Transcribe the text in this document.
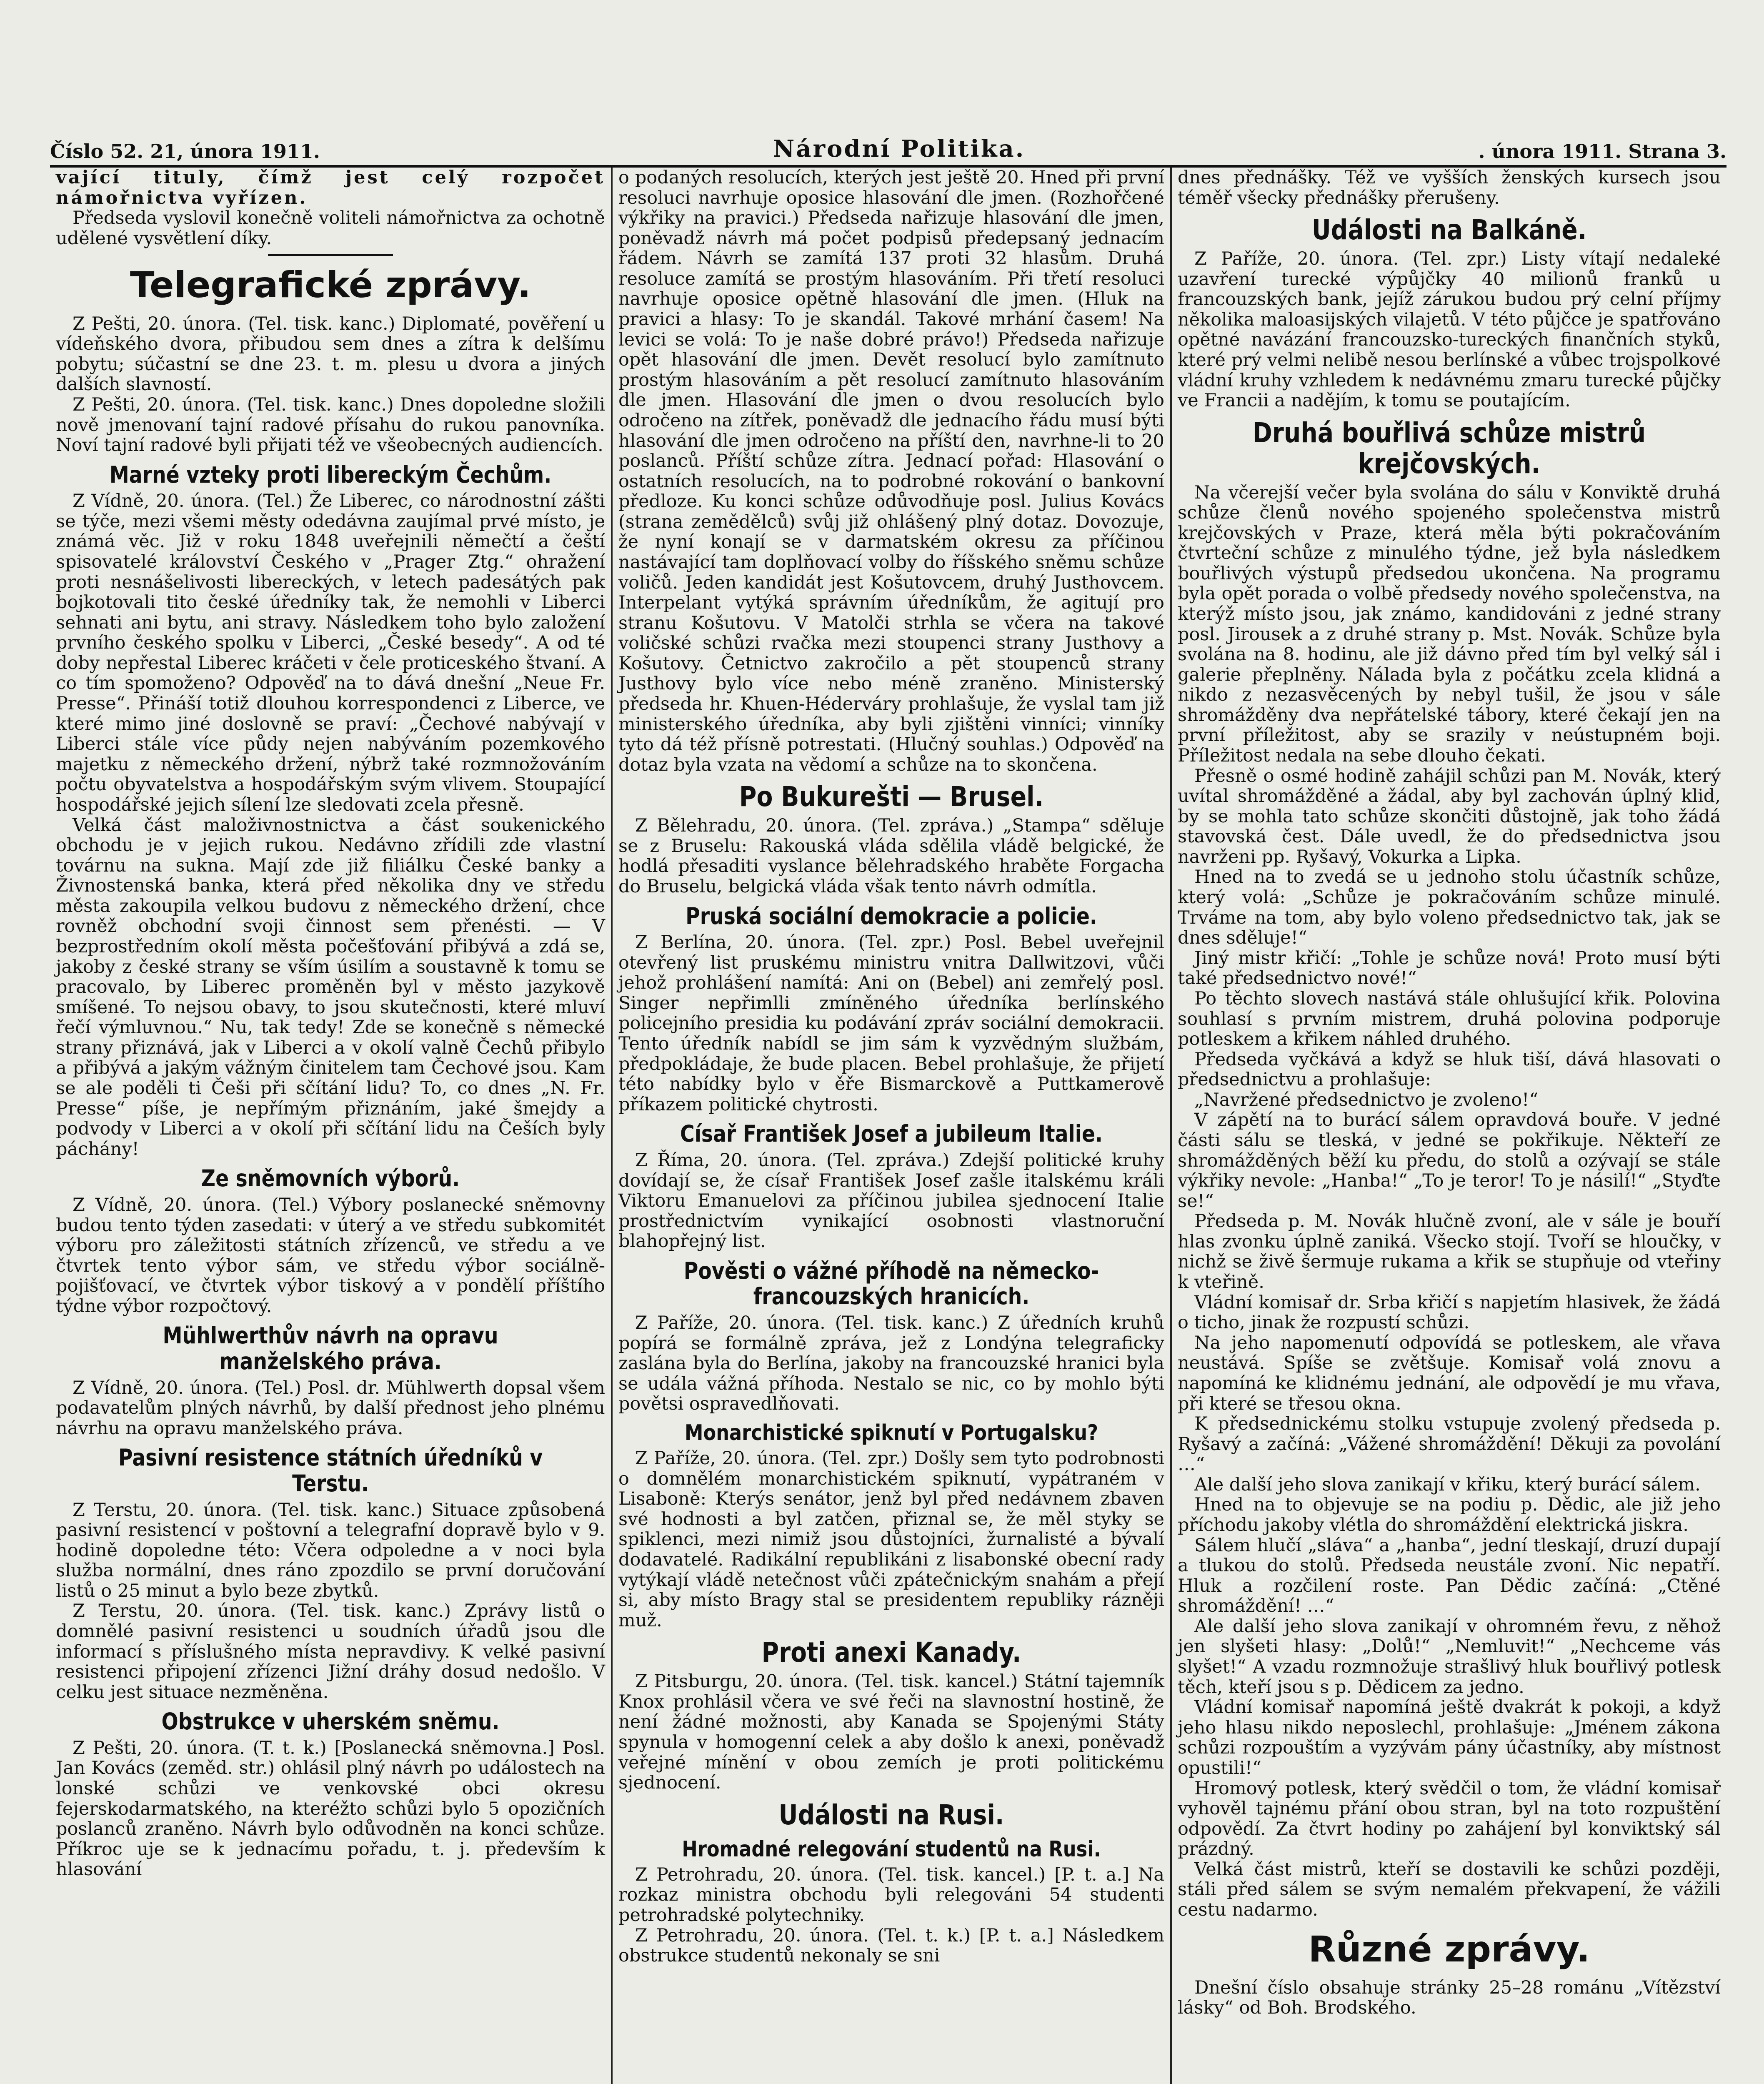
Číslo 52. 21, února 1911.	Národní Politika.	. února 1911. Strana 3.

vající tituly, čímž jest celý rozpočet námořnictva vyřízen.

Předseda vyslovil konečně voliteli námořnictva za ochotně udělené vysvětlení díky.

Telegrafické zprávy.

Z Pešti, 20. února. (Tel. tisk. kanc.) Diplomaté, pověření u vídeňského dvora, přibudou sem dnes a zítra k delšímu pobytu; súčastní se dne 23. t. m. plesu u dvora a jiných dalších slavností.

Z Pešti, 20. února. (Tel. tisk. kanc.) Dnes dopoledne složili nově jmenovaní tajní radové přísahu do rukou panovníka. Noví tajní radové byli přijati též ve všeobecných audiencích.

Marné vzteky proti libereckým Čechům.

Z Vídně, 20. února. (Tel.) Že Liberec, co národnostní zášti se týče, mezi všemi městy odedávna zaujímal prvé místo, je známá věc. Již v roku 1848 uveřejnili němečtí a čeští spisovatelé království Českého v „Prager Ztg.“ ohražení proti nesnášelivosti libereckých, v letech padesátých pak bojkotovali tito české úředníky tak, že nemohli v Liberci sehnati ani bytu, ani stravy. Následkem toho bylo založení prvního českého spolku v Liberci, „České besedy“. A od té doby nepřestal Liberec kráčeti v čele proticeského štvaní. A co tím spomoženo? Odpověď na to dává dnešní „Neue Fr. Presse“. Přináší totiž dlouhou korrespondenci z Liberce, ve které mimo jiné doslovně se praví: „Čechové nabývají v Liberci stále více půdy nejen nabýváním pozemkového majetku z německého držení, nýbrž také rozmnožováním počtu obyvatelstva a hospodářským svým vlivem. Stoupající hospodářské jejich sílení lze sledovati zcela přesně.

Velká část maloživnostnictva a část soukenického obchodu je v jejich rukou. Nedávno zřídili zde vlastní továrnu na sukna. Mají zde již filiálku České banky a Živnostenská banka, která před několika dny ve středu města zakoupila velkou budovu z německého držení, chce rovněž obchodní svoji činnost sem přenésti. — V bezprostředním okolí města počešťování přibývá a zdá se, jakoby z české strany se vším úsilím a soustavně k tomu se pracovalo, by Liberec proměněn byl v město jazykově smíšené. To nejsou obavy, to jsou skutečnosti, které mluví řečí výmluvnou.“ Nu, tak tedy! Zde se konečně s německé strany přiznává, jak v Liberci a v okolí valně Čechů přibylo a přibývá a jakým vážným činitelem tam Čechové jsou. Kam se ale poděli ti Češi při sčítání lidu? To, co dnes „N. Fr. Presse“ píše, je nepřímým přiznáním, jaké šmejdy a podvody v Liberci a v okolí při sčítání lidu na Češích byly páchány!

Ze sněmovních výborů.

Z Vídně, 20. února. (Tel.) Výbory poslanecké sněmovny budou tento týden zasedati: v úterý a ve středu subkomitét výboru pro záležitosti státních zřízenců, ve středu a ve čtvrtek tento výbor sám, ve středu výbor sociálně-pojišťovací, ve čtvrtek výbor tiskový a v pondělí příštího týdne výbor rozpočtový.

Mühlwerthův návrh na opravu manželského práva.

Z Vídně, 20. února. (Tel.) Posl. dr. Mühlwerth dopsal všem podavatelům plných návrhů, by další přednost jeho plnému návrhu na opravu manželského práva.

Pasivní resistence státních úředníků v Terstu.

Z Terstu, 20. února. (Tel. tisk. kanc.) Situace způsobená pasivní resistencí v poštovní a telegrafní dopravě bylo v 9. hodině dopoledne této: Včera odpoledne a v noci byla služba normální, dnes ráno zpozdilo se první doručování listů o 25 minut a bylo beze zbytků.

Z Terstu, 20. února. (Tel. tisk. kanc.) Zprávy listů o domnělé pasivní resistenci u soudních úřadů jsou dle informací s příslušného místa nepravdivy. K velké pasivní resistenci připojení zřízenci Jižní dráhy dosud nedošlo. V celku jest situace nezměněna.

Obstrukce v uherském sněmu.

Z Pešti, 20. února. (T. t. k.) [Poslanecká sněmovna.] Posl. Jan Kovács (zeměd. str.) ohlásil plný návrh po událostech na lonské schůzi ve venkovské obci okresu fejerskodarmatského, na kteréžto schůzi bylo 5 opozičních poslanců zraněno. Návrh bylo odůvodněn na konci schůze. Příkroc uje se k jednacímu pořadu, t. j. především k hlasování

o podaných resolucích, kterých jest ještě 20. Hned při první resoluci navrhuje oposice hlasování dle jmen. (Rozhořčené výkřiky na pravici.) Předseda nařizuje hlasování dle jmen, poněvadž návrh má počet podpisů předepsaný jednacím řádem. Návrh se zamítá 137 proti 32 hlasům. Druhá resoluce zamítá se prostým hlasováním. Při třetí resoluci navrhuje oposice opětně hlasování dle jmen. (Hluk na pravici a hlasy: To je skandál. Takové mrhání časem! Na levici se volá: To je naše dobré právo!) Předseda nařizuje opět hlasování dle jmen. Devět resolucí bylo zamítnuto prostým hlasováním a pět resolucí zamítnuto hlasováním dle jmen. Hlasování dle jmen o dvou resolucích bylo odročeno na zítřek, poněvadž dle jednacího řádu musí býti hlasování dle jmen odročeno na příští den, navrhne-li to 20 poslanců. Příští schůze zítra. Jednací pořad: Hlasování o ostatních resolucích, na to podrobné rokování o bankovní předloze. Ku konci schůze odůvodňuje posl. Julius Kovács (strana zemědělců) svůj již ohlášený plný dotaz. Dovozuje, že nyní konají se v darmatském okresu za příčinou nastávající tam doplňovací volby do říšského sněmu schůze voličů. Jeden kandidát jest Košutovcem, druhý Justhovcem. Interpelant vytýká správním úředníkům, že agitují pro stranu Košutovu. V Matolči strhla se včera na takové voličské schůzi rvačka mezi stoupenci strany Justhovy a Košutovy. Četnictvo zakročilo a pět stoupenců strany Justhovy bylo více nebo méně zraněno. Ministerský předseda hr. Khuen-Héderváry prohlašuje, že vyslal tam již ministerského úředníka, aby byli zjištěni vinníci; vinníky tyto dá též přísně potrestati. (Hlučný souhlas.) Odpověď na dotaz byla vzata na vědomí a schůze na to skončena.

Po Bukurešti — Brusel.

Z Bělehradu, 20. února. (Tel. zpráva.) „Stampa“ sděluje se z Bruselu: Rakouská vláda sdělila vládě belgické, že hodlá přesaditi vyslance bělehradského hraběte Forgacha do Bruselu, belgická vláda však tento návrh odmítla.

Pruská sociální demokracie a policie.

Z Berlína, 20. února. (Tel. zpr.) Posl. Bebel uveřejnil otevřený list pruskému ministru vnitra Dallwitzovi, vůči jehož prohlášení namítá: Ani on (Bebel) ani zemřelý posl. Singer nepřimlli zmíněného úředníka berlínského policejního presidia ku podávání zpráv sociální demokracii. Tento úředník nabídl se jim sám k vyzvědným službám, předpokládaje, že bude placen. Bebel prohlašuje, že přijetí této nabídky bylo v ěře Bismarckově a Puttkamerově příkazem politické chytrosti.

Císař František Josef a jubileum Italie.

Z Říma, 20. února. (Tel. zpráva.) Zdejší politické kruhy dovídají se, že císař František Josef zašle italskému králi Viktoru Emanuelovi za příčinou jubilea sjednocení Italie prostřednictvím vynikající osobnosti vlastnoruční blahopřejný list.

Pověsti o vážné příhodě na německo-francouzských hranicích.

Z Paříže, 20. února. (Tel. tisk. kanc.) Z úředních kruhů popírá se formálně zpráva, jež z Londýna telegraficky zaslána byla do Berlína, jakoby na francouzské hranici byla se udála vážná příhoda. Nestalo se nic, co by mohlo býti povětsi ospravedlňovati.

Monarchistické spiknutí v Portugalsku?

Z Paříže, 20. února. (Tel. zpr.) Došly sem tyto podrobnosti o domnělém monarchistickém spiknutí, vypátraném v Lisaboně: Kterýs senátor, jenž byl před nedávnem zbaven své hodnosti a byl zatčen, přiznal se, že měl styky se spiklenci, mezi nimiž jsou důstojníci, žurnalisté a bývalí dodavatelé. Radikální republikáni z lisabonské obecní rady vytýkají vládě netečnost vůči zpátečnickým snahám a přejí si, aby místo Bragy stal se presidentem republiky rázněji muž.

Proti anexi Kanady.

Z Pitsburgu, 20. února. (Tel. tisk. kancel.) Státní tajemník Knox prohlásil včera ve své řeči na slavnostní hostině, že není žádné možnosti, aby Kanada se Spojenými Státy spynula v homogenní celek a aby došlo k anexi, poněvadž veřejné mínění v obou zemích je proti politickému sjednocení.

Události na Rusi.
Hromadné relegování studentů na Rusi.

Z Petrohradu, 20. února. (Tel. tisk. kancel.) [P. t. a.] Na rozkaz ministra obchodu byli relegováni 54 studenti petrohradské polytechniky.

Z Petrohradu, 20. února. (Tel. t. k.) [P. t. a.] Následkem obstrukce studentů nekonaly se sni

dnes přednášky. Též ve vyšších ženských kursech jsou téměř všecky přednášky přerušeny.

Události na Balkáně.

Z Paříže, 20. února. (Tel. zpr.) Listy vítají nedaleké uzavření turecké výpůjčky 40 milionů franků u francouzských bank, jejíž zárukou budou prý celní příjmy několika maloasijských vilajetů. V této půjčce je spatřováno opětné navázání francouzsko-tureckých finančních styků, které prý velmi nelibě nesou berlínské a vůbec trojspolkové vládní kruhy vzhledem k nedávnému zmaru turecké půjčky ve Francii a nadějím, k tomu se poutajícím.

Druhá bouřlivá schůze mistrů krejčovských.

Na včerejší večer byla svolána do sálu v Konviktě druhá schůze členů nového spojeného společenstva mistrů krejčovských v Praze, která měla býti pokračováním čtvrteční schůze z minulého týdne, jež byla následkem bouřlivých výstupů předsedou ukončena. Na programu byla opět porada o volbě předsedy nového společenstva, na kterýž místo jsou, jak známo, kandidováni z jedné strany posl. Jirousek a z druhé strany p. Mst. Novák. Schůze byla svolána na 8. hodinu, ale již dávno před tím byl velký sál i galerie přeplněny. Nálada byla z počátku zcela klidná a nikdo z nezasvěcených by nebyl tušil, že jsou v sále shromážděny dva nepřátelské tábory, které čekají jen na první příležitost, aby se srazily v neústupném boji. Příležitost nedala na sebe dlouho čekati.

Přesně o osmé hodině zahájil schůzi pan M. Novák, který uvítal shromážděné a žádal, aby byl zachován úplný klid, by se mohla tato schůze skončiti důstojně, jak toho žádá stavovská čest. Dále uvedl, že do předsednictva jsou navrženi pp. Ryšavý, Vokurka a Lipka.

Hned na to zvedá se u jednoho stolu účastník schůze, který volá: „Schůze je pokračováním schůze minulé. Trváme na tom, aby bylo voleno předsednictvo tak, jak se dnes sděluje!“

Jiný mistr křičí: „Tohle je schůze nová! Proto musí býti také předsednictvo nové!“

Po těchto slovech nastává stále ohlušující křik. Polovina souhlasí s prvním mistrem, druhá polovina podporuje potleskem a křikem náhled druhého.

Předseda vyčkává a když se hluk tiší, dává hlasovati o předsednictvu a prohlašuje:

„Navržené předsednictvo je zvoleno!“

V zápětí na to burácí sálem opravdová bouře. V jedné části sálu se tleská, v jedné se pokřikuje. Někteří ze shromážděných běží ku předu, do stolů a ozývají se stále výkřiky nevole: „Hanba!“ „To je teror! To je násilí!“ „Styďte se!“

Předseda p. M. Novák hlučně zvoní, ale v sále je bouří hlas zvonku úplně zaniká. Všecko stojí. Tvoří se hloučky, v nichž se živě šermuje rukama a křik se stupňuje od vteřiny k vteřině.

Vládní komisař dr. Srba křičí s napjetím hlasivek, že žádá o ticho, jinak že rozpustí schůzi.

Na jeho napomenutí odpovídá se potleskem, ale vřava neustává. Spíše se zvětšuje. Komisař volá znovu a napomíná ke klidnému jednání, ale odpovědí je mu vřava, při které se třesou okna.

K předsednickému stolku vstupuje zvolený předseda p. Ryšavý a začíná: „Vážené shromáždění! Děkuji za povolání …“

Ale další jeho slova zanikají v křiku, který burácí sálem.

Hned na to objevuje se na podiu p. Dědic, ale již jeho příchodu jakoby vlétla do shromáždění elektrická jiskra.

Sálem hlučí „sláva“ a „hanba“, jední tleskají, druzí dupají a tlukou do stolů. Předseda neustále zvoní. Nic nepatří. Hluk a rozčilení roste. Pan Dědic začíná: „Ctěné shromáždění! …“

Ale další jeho slova zanikají v ohromném řevu, z něhož jen slyšeti hlasy: „Dolů!“ „Nemluvit!“ „Nechceme vás slyšet!“ A vzadu rozmnožuje strašlivý hluk bouřlivý potlesk těch, kteří jsou s p. Dědicem za jedno.

Vládní komisař napomíná ještě dvakrát k pokoji, a když jeho hlasu nikdo neposlechl, prohlašuje: „Jménem zákona schůzi rozpouštím a vyzývám pány účastníky, aby místnost opustili!“

Hromový potlesk, který svědčil o tom, že vládní komisař vyhověl tajnému přání obou stran, byl na toto rozpuštění odpovědí. Za čtvrt hodiny po zahájení byl konviktský sál prázdný.

Velká část mistrů, kteří se dostavili ke schůzi později, stáli před sálem se svým nemalém překvapení, že vážili cestu nadarmo.

Různé zprávy.

Dnešní číslo obsahuje stránky 25–28 románu „Vítězství lásky“ od Boh. Brodského.
